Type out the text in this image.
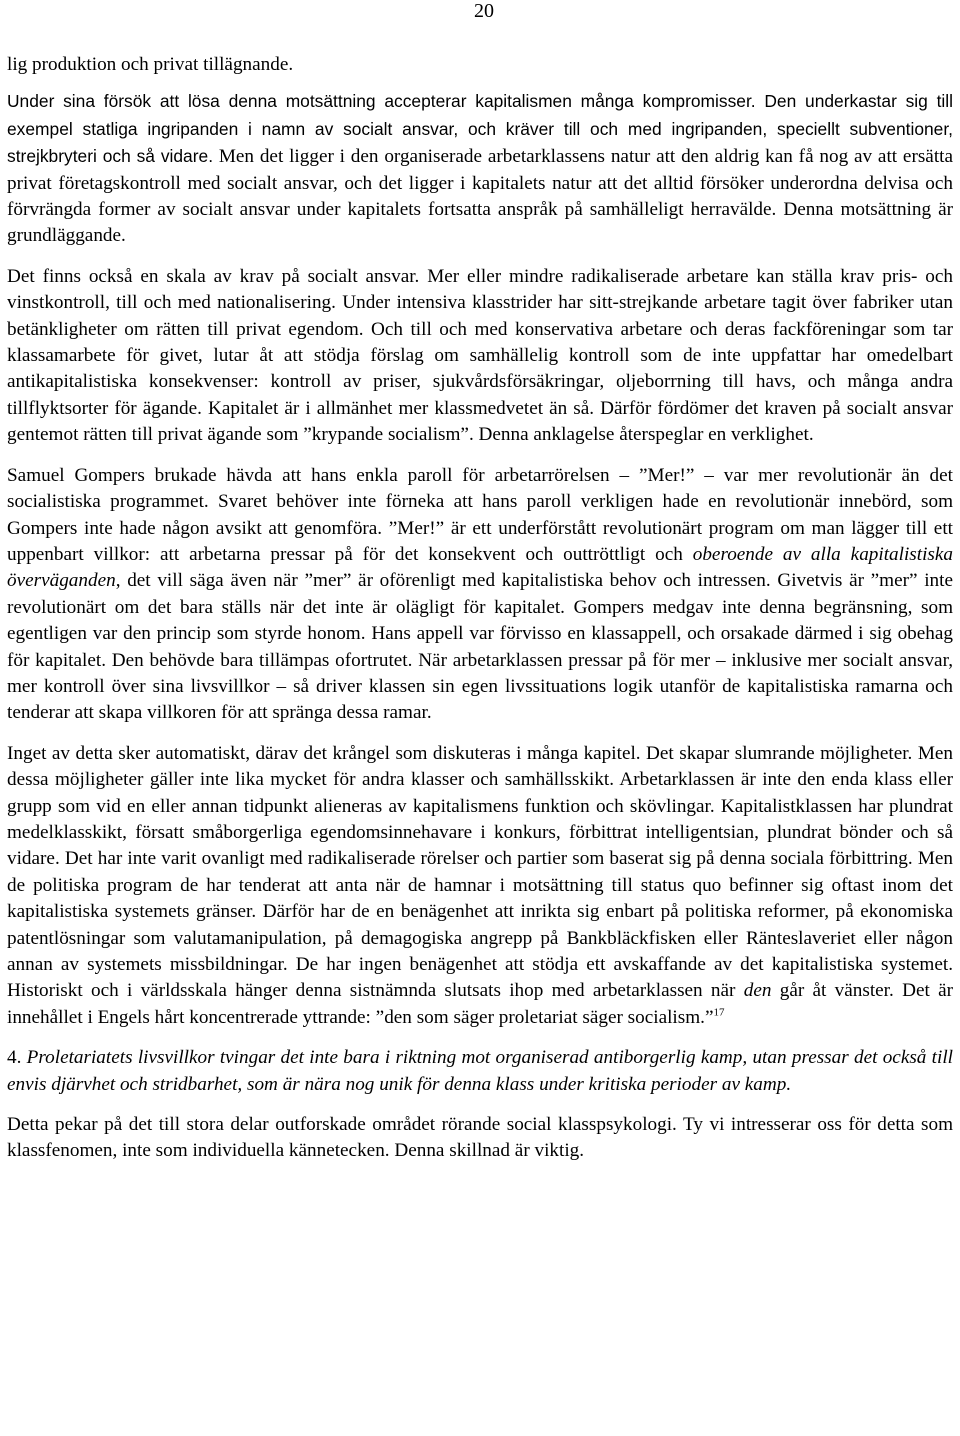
20

lig produktion och privat tillägnande.

Under sina försök att lösa denna motsättning accepterar kapitalismen många kompromisser. Den underkastar sig till exempel statliga ingripanden i namn av socialt ansvar, och kräver till och med ingripanden, speciellt subventioner, strejkbryteri och så vidare. Men det ligger i den organiserade arbetarklassens natur att den aldrig kan få nog av att ersätta privat företagskontroll med socialt ansvar, och det ligger i kapitalets natur att det alltid försöker underordna delvisa och förvrängda former av socialt ansvar under kapitalets fortsatta anspråk på samhälleligt herravälde. Denna motsättning är grundläggande.

Det finns också en skala av krav på socialt ansvar. Mer eller mindre radikaliserade arbetare kan ställa krav pris- och vinstkontroll, till och med nationalisering. Under intensiva klasstrider har sitt-strejkande arbetare tagit över fabriker utan betänkligheter om rätten till privat egendom. Och till och med konservativa arbetare och deras fackföreningar som tar klassamarbete för givet, lutar åt att stödja förslag om samhällelig kontroll som de inte uppfattar har omedelbart antikapitalistiska konsekvenser: kontroll av priser, sjukvårdsförsäkringar, oljeborrning till havs, och många andra tillflyktsorter för ägande. Kapitalet är i allmänhet mer klassmedvetet än så. Därför fördömer det kraven på socialt ansvar gentemot rätten till privat ägande som ”krypande socialism”. Denna anklagelse återspeglar en verklighet.

Samuel Gompers brukade hävda att hans enkla paroll för arbetarrörelsen – ”Mer!” – var mer revolutionär än det socialistiska programmet. Svaret behöver inte förneka att hans paroll verkligen hade en revolutionär innebörd, som Gompers inte hade någon avsikt att genomföra. ”Mer!” är ett underförstått revolutionärt program om man lägger till ett uppenbart villkor: att arbetarna pressar på för det konsekvent och outtröttligt och oberoende av alla kapitalistiska överväganden, det vill säga även när ”mer” är oförenligt med kapitalistiska behov och intressen. Givetvis är ”mer” inte revolutionärt om det bara ställs när det inte är olägligt för kapitalet. Gompers medgav inte denna begränsning, som egentligen var den princip som styrde honom. Hans appell var förvisso en klassappell, och orsakade därmed i sig obehag för kapitalet. Den behövde bara tillämpas ofortrutet. När arbetarklassen pressar på för mer – inklusive mer socialt ansvar, mer kontroll över sina livsvillkor – så driver klassen sin egen livssituations logik utanför de kapitalistiska ramarna och tenderar att skapa villkoren för att spränga dessa ramar.

Inget av detta sker automatiskt, därav det krångel som diskuteras i många kapitel. Det skapar slumrande möjligheter. Men dessa möjligheter gäller inte lika mycket för andra klasser och samhällsskikt. Arbetarklassen är inte den enda klass eller grupp som vid en eller annan tidpunkt alieneras av kapitalismens funktion och skövlingar. Kapitalistklassen har plundrat medelklasskikt, försatt småborgerliga egendomsinnehavare i konkurs, förbittrat intelligentsian, plundrat bönder och så vidare. Det har inte varit ovanligt med radikaliserade rörelser och partier som baserat sig på denna sociala förbittring. Men de politiska program de har tenderat att anta när de hamnar i motsättning till status quo befinner sig oftast inom det kapitalistiska systemets gränser. Därför har de en benägenhet att inrikta sig enbart på politiska reformer, på ekonomiska patentlösningar som valutamanipulation, på demagogiska angrepp på Bankbläckfisken eller Ränteslaveriet eller någon annan av systemets missbildningar. De har ingen benägenhet att stödja ett avskaffande av det kapitalistiska systemet. Historiskt och i världsskala hänger denna sistnämnda slutsats ihop med arbetarklassen när den går åt vänster. Det är innehållet i Engels hårt koncentrerade yttrande: ”den som säger proletariat säger socialism.”$^{17}$

4. Proletariatets livsvillkor tvingar det inte bara i riktning mot organiserad antiborgerlig kamp, utan pressar det också till envis djärvhet och stridbarhet, som är nära nog unik för denna klass under kritiska perioder av kamp.

Detta pekar på det till stora delar outforskade området rörande social klasspsykologi. Ty vi intresserar oss för detta som klassfenomen, inte som individuella kännetecken. Denna skillnad är viktig.
